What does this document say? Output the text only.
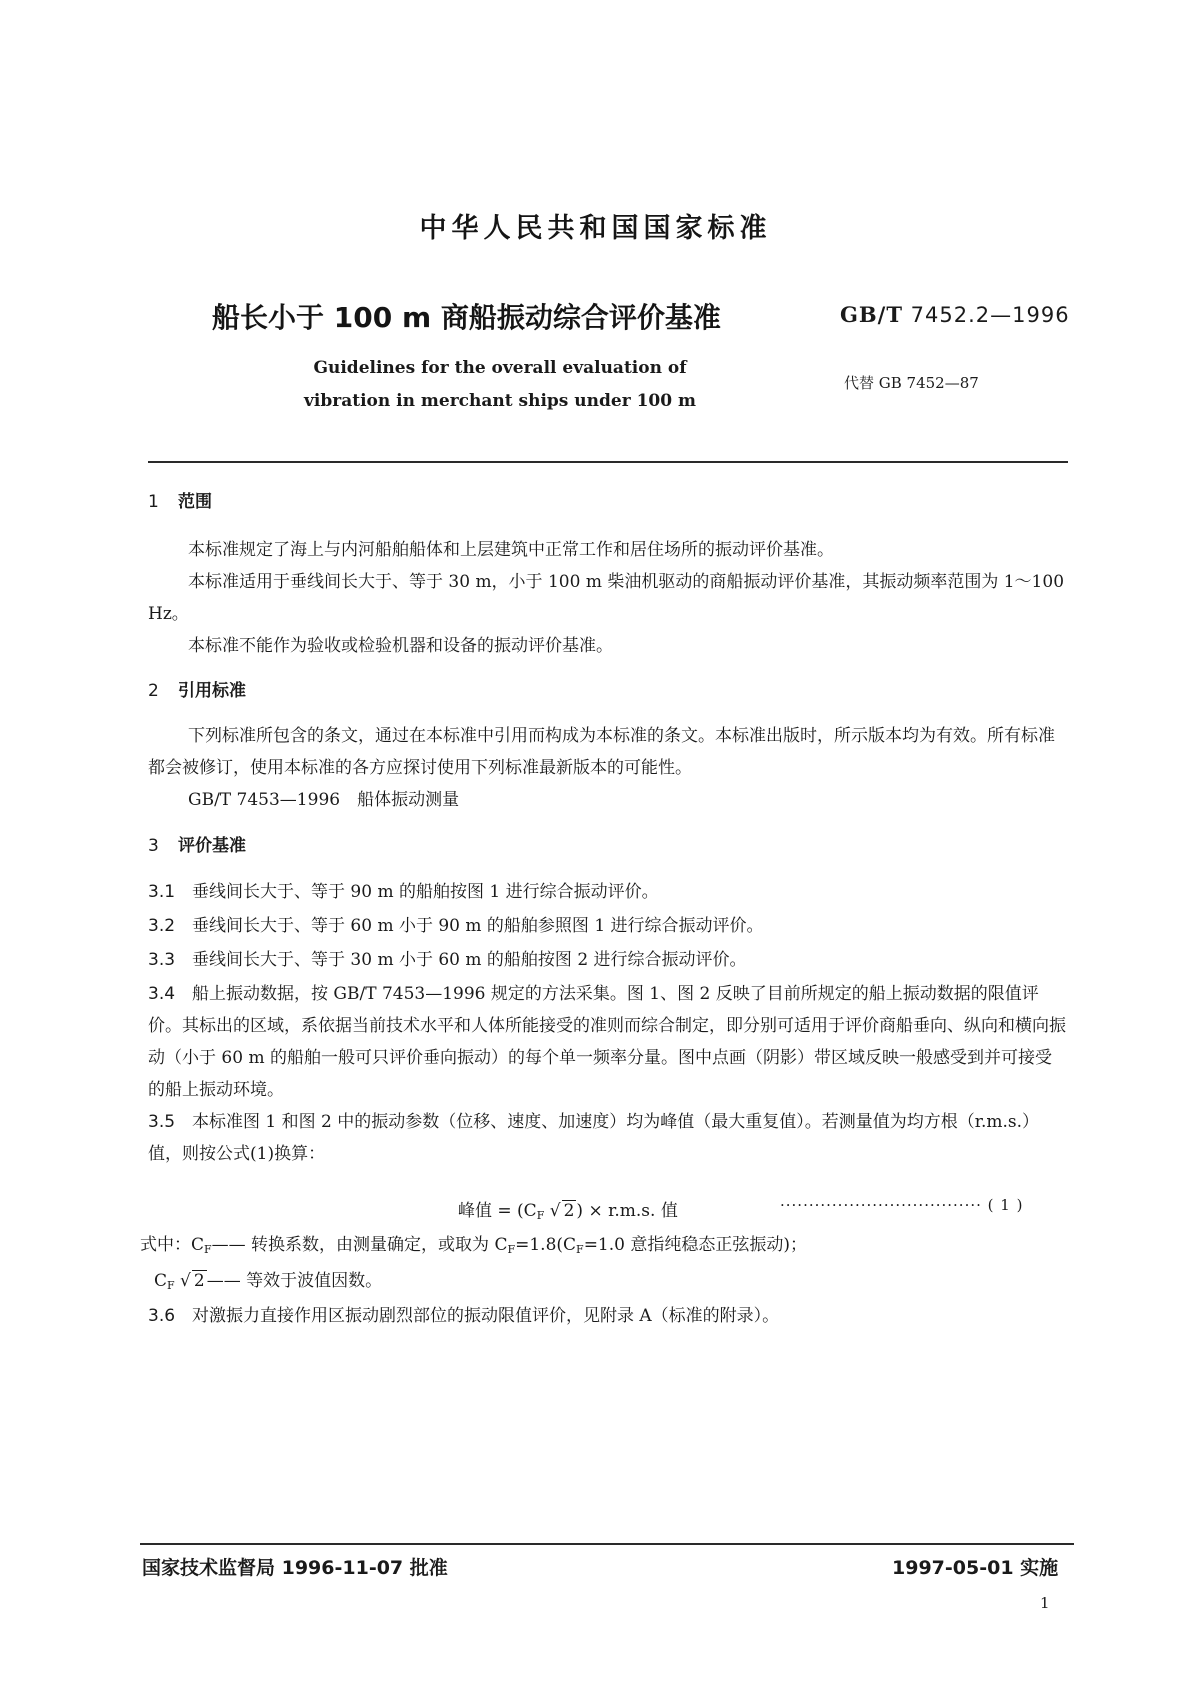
中华人民共和国国家标准
船长小于 100 m 商船振动综合评价基准	GB/T 7452.2—1996
Guidelines for the overall evaluation of
vibration in merchant ships under 100 m
代替 GB 7452—87
1 范围
本标准规定了海上与内河船舶船体和上层建筑中正常工作和居住场所的振动评价基准。
本标准适用于垂线间长大于、等于 30 m，小于 100 m 柴油机驱动的商船振动评价基准，其振动频率范围为 1～100 Hz。
本标准不能作为验收或检验机器和设备的振动评价基准。
2 引用标准
下列标准所包含的条文，通过在本标准中引用而构成为本标准的条文。本标准出版时，所示版本均为有效。所有标准都会被修订，使用本标准的各方应探讨使用下列标准最新版本的可能性。
GB/T 7453—1996　船体振动测量
3 评价基准
3.1 垂线间长大于、等于 90 m 的船舶按图 1 进行综合振动评价。
3.2 垂线间长大于、等于 60 m 小于 90 m 的船舶参照图 1 进行综合振动评价。
3.3 垂线间长大于、等于 30 m 小于 60 m 的船舶按图 2 进行综合振动评价。
3.4 船上振动数据，按 GB/T 7453—1996 规定的方法采集。图 1、图 2 反映了目前所规定的船上振动数据的限值评价。其标出的区域，系依据当前技术水平和人体所能接受的准则而综合制定，即分别可适用于评价商船垂向、纵向和横向振动（小于 60 m 的船舶一般可只评价垂向振动）的每个单一频率分量。图中点画（阴影）带区域反映一般感受到并可接受的船上振动环境。
3.5 本标准图 1 和图 2 中的振动参数（位移、速度、加速度）均为峰值（最大重复值）。若测量值为均方根（r.m.s.）值，则按公式(1)换算：
峰值 = ($C_F$ √ 2 ) × r.m.s. 值	··································· ( 1 )
式中：$C_F——$ 转换系数，由测量确定，或取为 $C_F=1.8(C_F=1.0$ 意指纯稳态正弦振动)；
$C_F$ √ 2 —— 等效于波值因数。
3.6 对激振力直接作用区振动剧烈部位的振动限值评价，见附录 A（标准的附录）。
国家技术监督局 1996-11-07 批准	1997-05-01 实施
1
